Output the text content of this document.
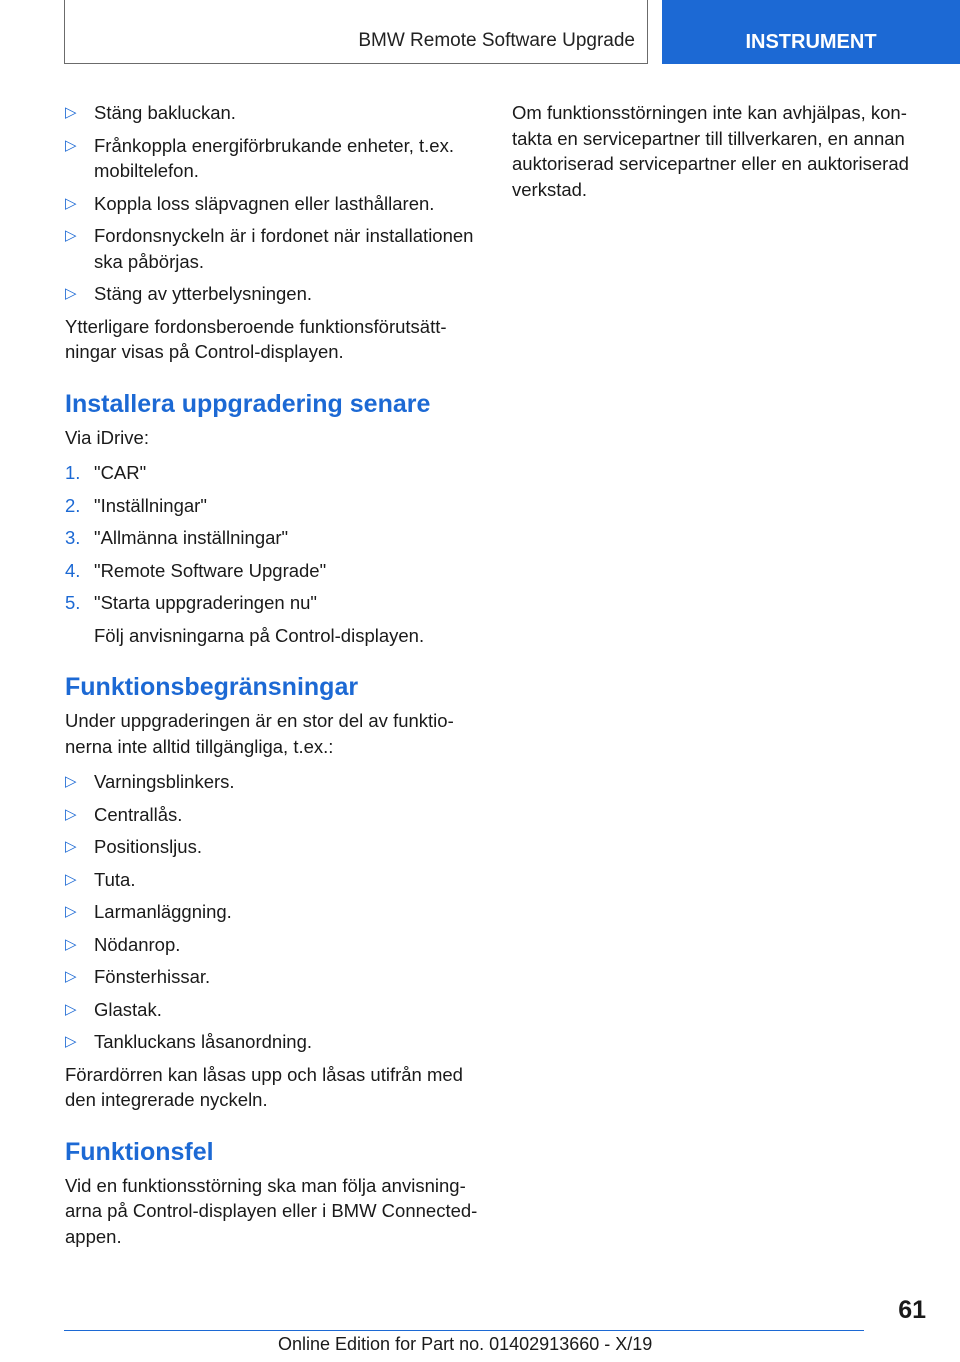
BMW Remote Software Upgrade	INSTRUMENT
▷ Stäng bakluckan.
▷ Frånkoppla energiförbrukande enheter, t.ex. mobiltelefon.
▷ Koppla loss släpvagnen eller lasthållaren.
▷ Fordonsnyckeln är i fordonet när installationen ska påbörjas.
▷ Stäng av ytterbelysningen.

Ytterligare fordonsberoende funktionsförutsättningar visas på Control-displayen.

Installera uppgradering senare

Via iDrive:

1. "CAR"
2. "Inställningar"
3. "Allmänna inställningar"
4. "Remote Software Upgrade"
5. "Starta uppgraderingen nu"

Följ anvisningarna på Control-displayen.

Funktionsbegränsningar

Under uppgraderingen är en stor del av funktionerna inte alltid tillgängliga, t.ex.:

▷ Varningsblinkers.
▷ Centrallås.
▷ Positionsljus.
▷ Tuta.
▷ Larmanläggning.
▷ Nödanrop.
▷ Fönsterhissar.
▷ Glastak.
▷ Tankluckans låsanordning.

Förardörren kan låsas upp och låsas utifrån med den integrerade nyckeln.

Funktionsfel

Vid en funktionsstörning ska man följa anvisningarna på Control-displayen eller i BMW Connected-appen.

Om funktionsstörningen inte kan avhjälpas, kontakta en servicepartner till tillverkaren, en annan auktoriserad servicepartner eller en auktoriserad verkstad.

61
Online Edition for Part no. 01402913660 - X/19
